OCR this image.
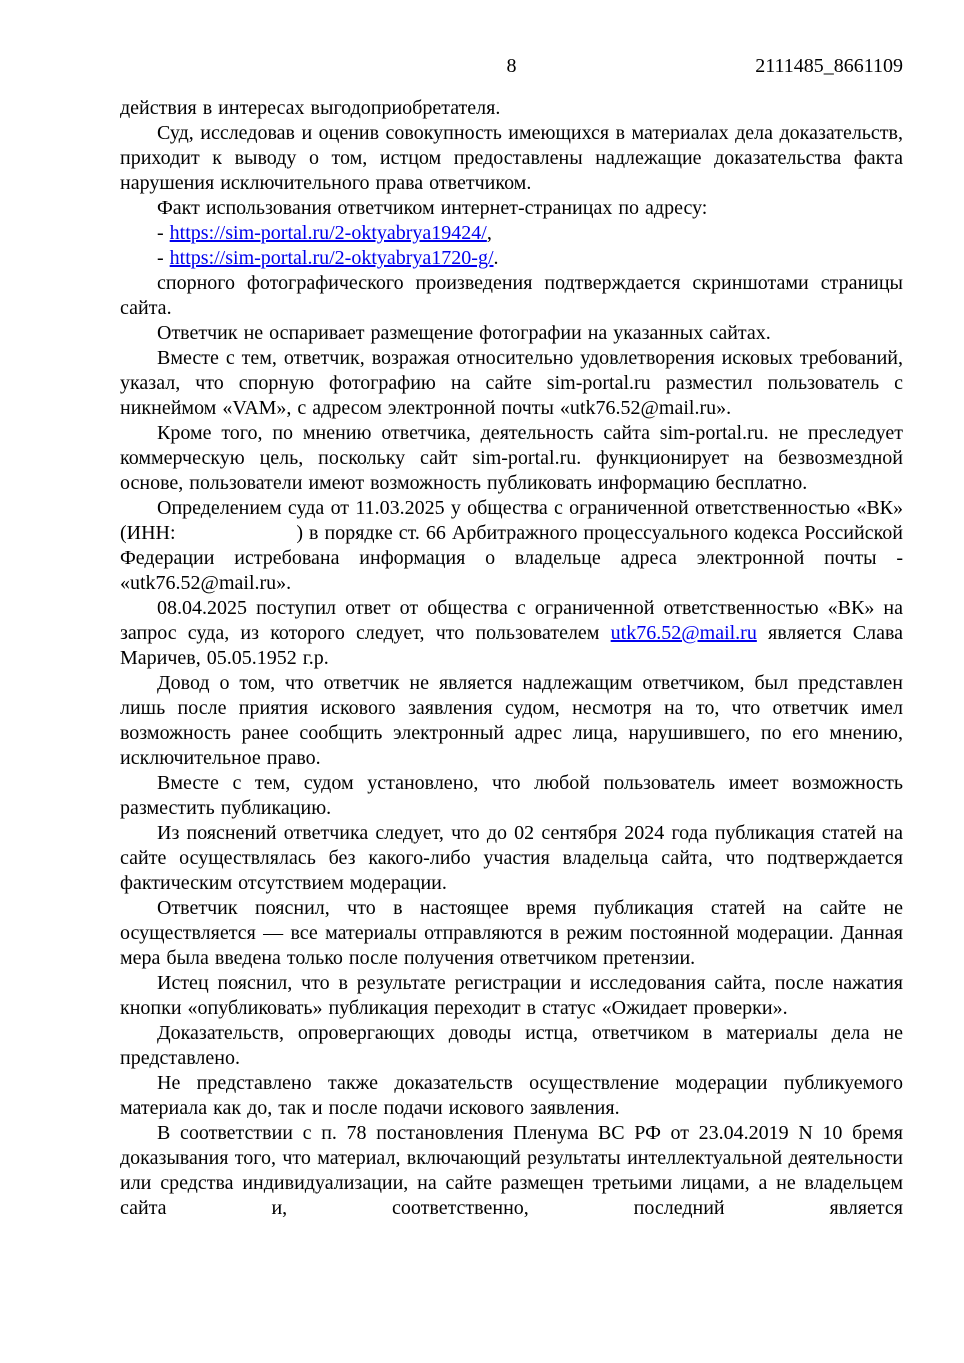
8	2111485_8661109

действия в интересах выгодоприобретателя.

Суд, исследовав и оценив совокупность имеющихся в материалах дела доказательств, приходит к выводу о том, истцом предоставлены надлежащие доказательства факта нарушения исключительного права ответчиком.

Факт использования ответчиком интернет-страницах по адресу:

- https://sim-portal.ru/2-oktyabrya19424/,

- https://sim-portal.ru/2-oktyabrya1720-g/.

спорного фотографического произведения подтверждается скриншотами страницы сайта.

Ответчик не оспаривает размещение фотографии на указанных сайтах.

Вместе с тем, ответчик, возражая относительно удовлетворения исковых требований, указал, что спорную фотографию на сайте sim-portal.ru разместил пользователь с никнеймом «VAM», с адресом электронной почты «utk76.52@mail.ru».

Кроме того, по мнению ответчика, деятельность сайта sim-portal.ru. не преследует коммерческую цель, поскольку сайт sim-portal.ru. функционирует на безвозмездной основе, пользователи имеют возможность публиковать информацию бесплатно.

Определением суда от 11.03.2025 у общества с ограниченной ответственностью «ВК» (ИНН:                    ) в порядке ст. 66 Арбитражного процессуального кодекса Российской Федерации истребована информация о владельце адреса электронной почты - «utk76.52@mail.ru».

08.04.2025 поступил ответ от общества с ограниченной ответственностью «ВК» на запрос суда, из которого следует, что пользователем utk76.52@mail.ru является Слава Маричев, 05.05.1952 г.р.

Довод о том, что ответчик не является надлежащим ответчиком, был представлен лишь после приятия искового заявления судом, несмотря на то, что ответчик имел возможность ранее сообщить электронный адрес лица, нарушившего, по его мнению, исключительное право.

Вместе с тем, судом установлено, что любой пользователь имеет возможность разместить публикацию.

Из пояснений ответчика следует, что до 02 сентября 2024 года публикация статей на сайте осуществлялась без какого-либо участия владельца сайта, что подтверждается фактическим отсутствием модерации.

Ответчик пояснил, что в настоящее время публикация статей на сайте не осуществляется — все материалы отправляются в режим постоянной модерации. Данная мера была введена только после получения ответчиком претензии.

Истец пояснил, что в результате регистрации и исследования сайта, после нажатия кнопки «опубликовать» публикация переходит в статус «Ожидает проверки».

Доказательств, опровергающих доводы истца, ответчиком в материалы дела не представлено.

Не представлено также доказательств осуществление модерации публикуемого материала как до, так и после подачи искового заявления.

В соответствии с п. 78 постановления Пленума ВС РФ от 23.04.2019 N 10 бремя доказывания того, что материал, включающий результаты интеллектуальной деятельности или средства индивидуализации, на сайте размещен третьими лицами, а не владельцем сайта и, соответственно, последний является
